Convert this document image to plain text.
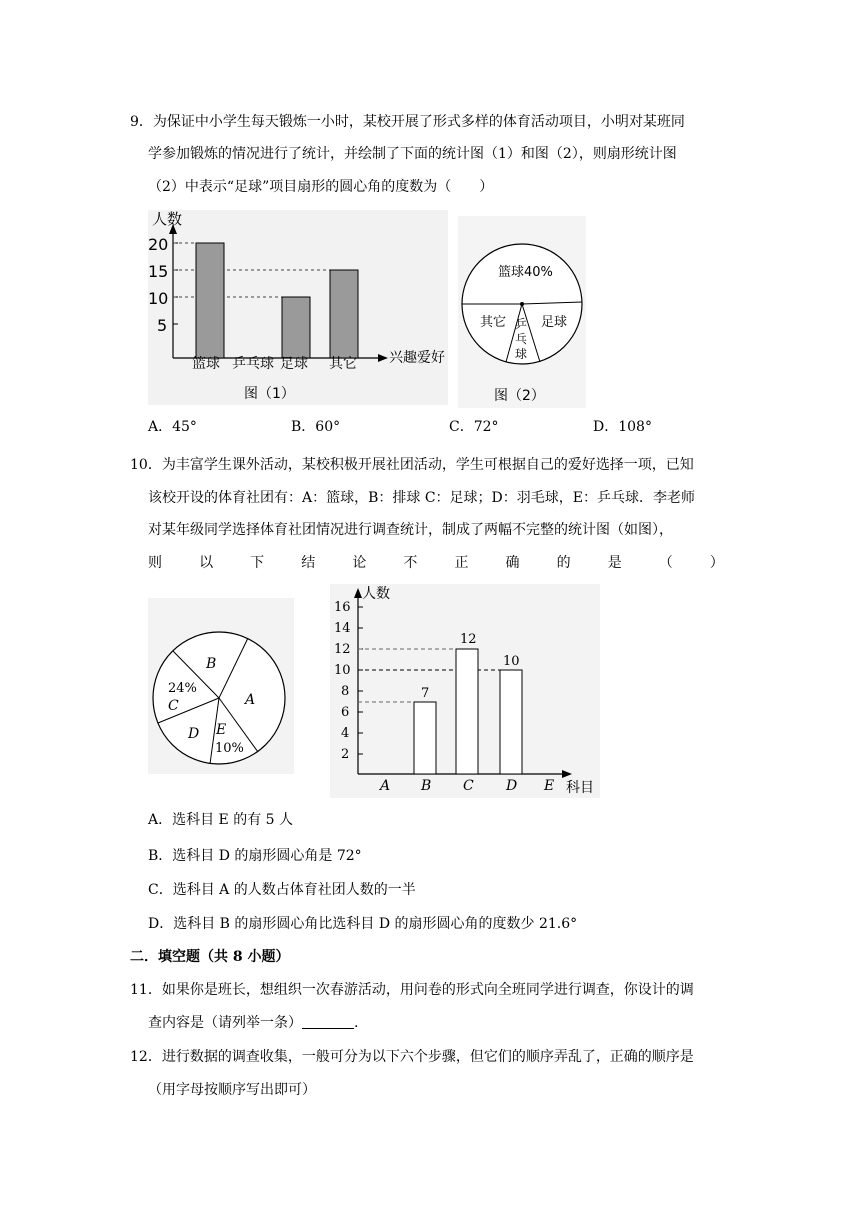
9．为保证中小学生每天锻炼一小时，某校开展了形式多样的体育活动项目，小明对某班同
学参加锻炼的情况进行了统计，并绘制了下面的统计图（1）和图（2），则扇形统计图
（2）中表示“足球”项目扇形的圆心角的度数为（　　）
人数
兴趣爱好
20
15
10
5
篮球 乒乓球 足球 其它
图（1）
篮球40%
其它	足球
乒
乓
球
图（2）
A．45°	B．60°	C．72°	D．108°
10．为丰富学生课外活动，某校积极开展社团活动，学生可根据自己的爱好选择一项，已知
该校开设的体育社团有：A：篮球，B：排球 C：足球；D：羽毛球，E：乒乓球．李老师
对某年级同学选择体育社团情况进行调查统计，制成了两幅不完整的统计图（如图），
则	以	下	结	论	不	正	确	的	是	（	）
B
24%
C	A
D E
10%
人数
科目
16
14
12
10
8
6
4
2
7
12
10
A B C D E
A．选科目 E 的有 5 人
B．选科目 D 的扇形圆心角是 72°
C．选科目 A 的人数占体育社团人数的一半
D．选科目 B 的扇形圆心角比选科目 D 的扇形圆心角的度数少 21.6°
二．填空题（共 8 小题）
11．如果你是班长，想组织一次春游活动，用问卷的形式向全班同学进行调查，你设计的调
查内容是（请列举一条）	.
12．进行数据的调查收集，一般可分为以下六个步骤，但它们的顺序弄乱了，正确的顺序是
（用字母按顺序写出即可）
